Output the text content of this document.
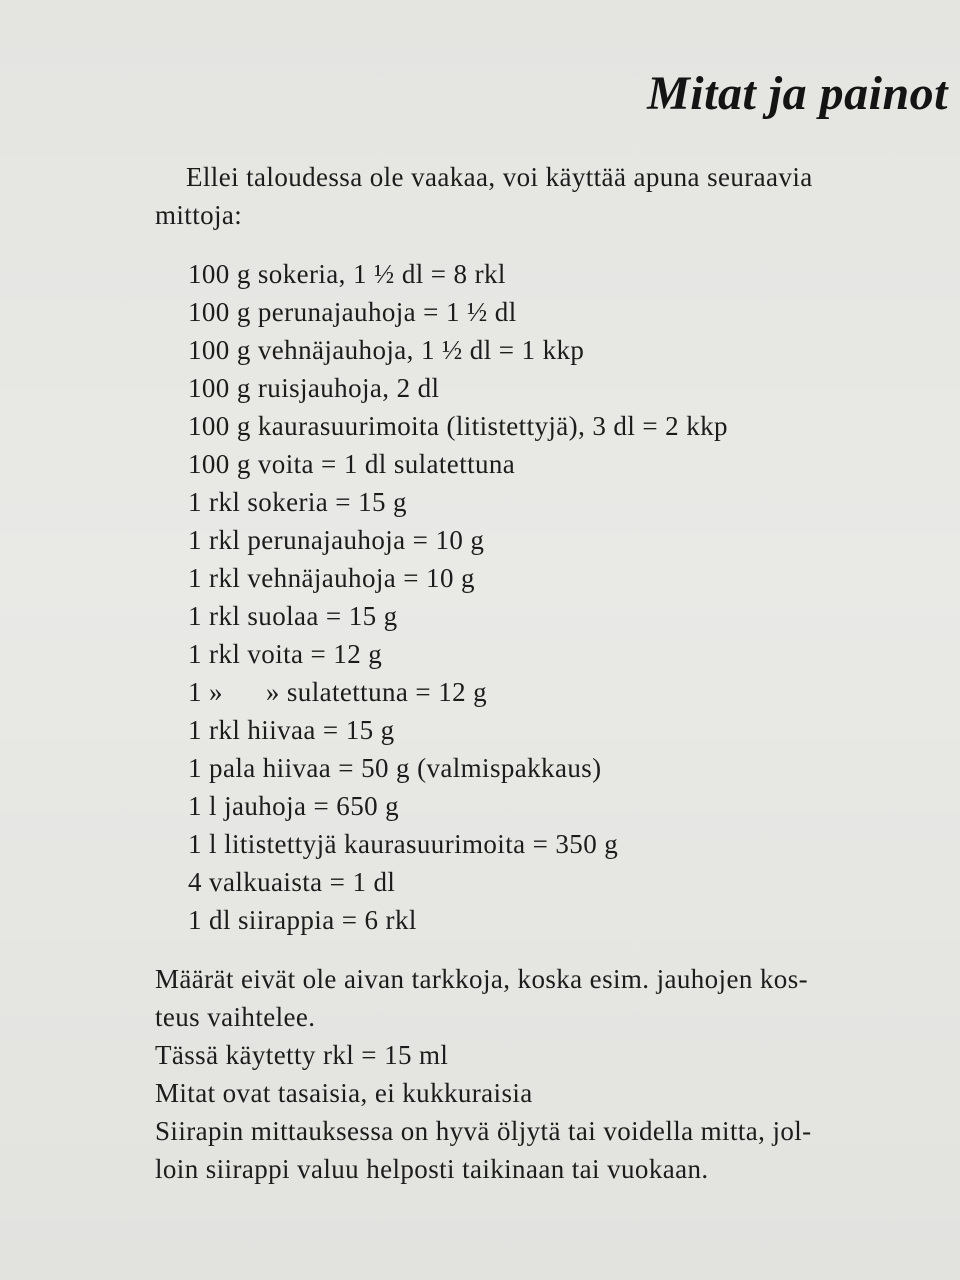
Mitat ja painot

Ellei taloudessa ole vaakaa, voi käyttää apuna seuraavia
mittoja:

100 g sokeria, 1 ½ dl = 8 rkl
100 g perunajauhoja = 1 ½ dl
100 g vehnäjauhoja, 1 ½ dl = 1 kkp
100 g ruisjauhoja, 2 dl
100 g kaurasuurimoita (litistettyjä), 3 dl = 2 kkp
100 g voita = 1 dl sulatettuna
1 rkl sokeria = 15 g
1 rkl perunajauhoja = 10 g
1 rkl vehnäjauhoja = 10 g
1 rkl suolaa = 15 g
1 rkl voita = 12 g
1 »      » sulatettuna = 12 g
1 rkl hiivaa = 15 g
1 pala hiivaa = 50 g (valmispakkaus)
1 l jauhoja = 650 g
1 l litistettyjä kaurasuurimoita = 350 g
4 valkuaista = 1 dl
1 dl siirappia = 6 rkl

Määrät eivät ole aivan tarkkoja, koska esim. jauhojen kos-
teus vaihtelee.
Tässä käytetty rkl = 15 ml
Mitat ovat tasaisia, ei kukkuraisia
Siirapin mittauksessa on hyvä öljytä tai voidella mitta, jol-
loin siirappi valuu helposti taikinaan tai vuokaan.
